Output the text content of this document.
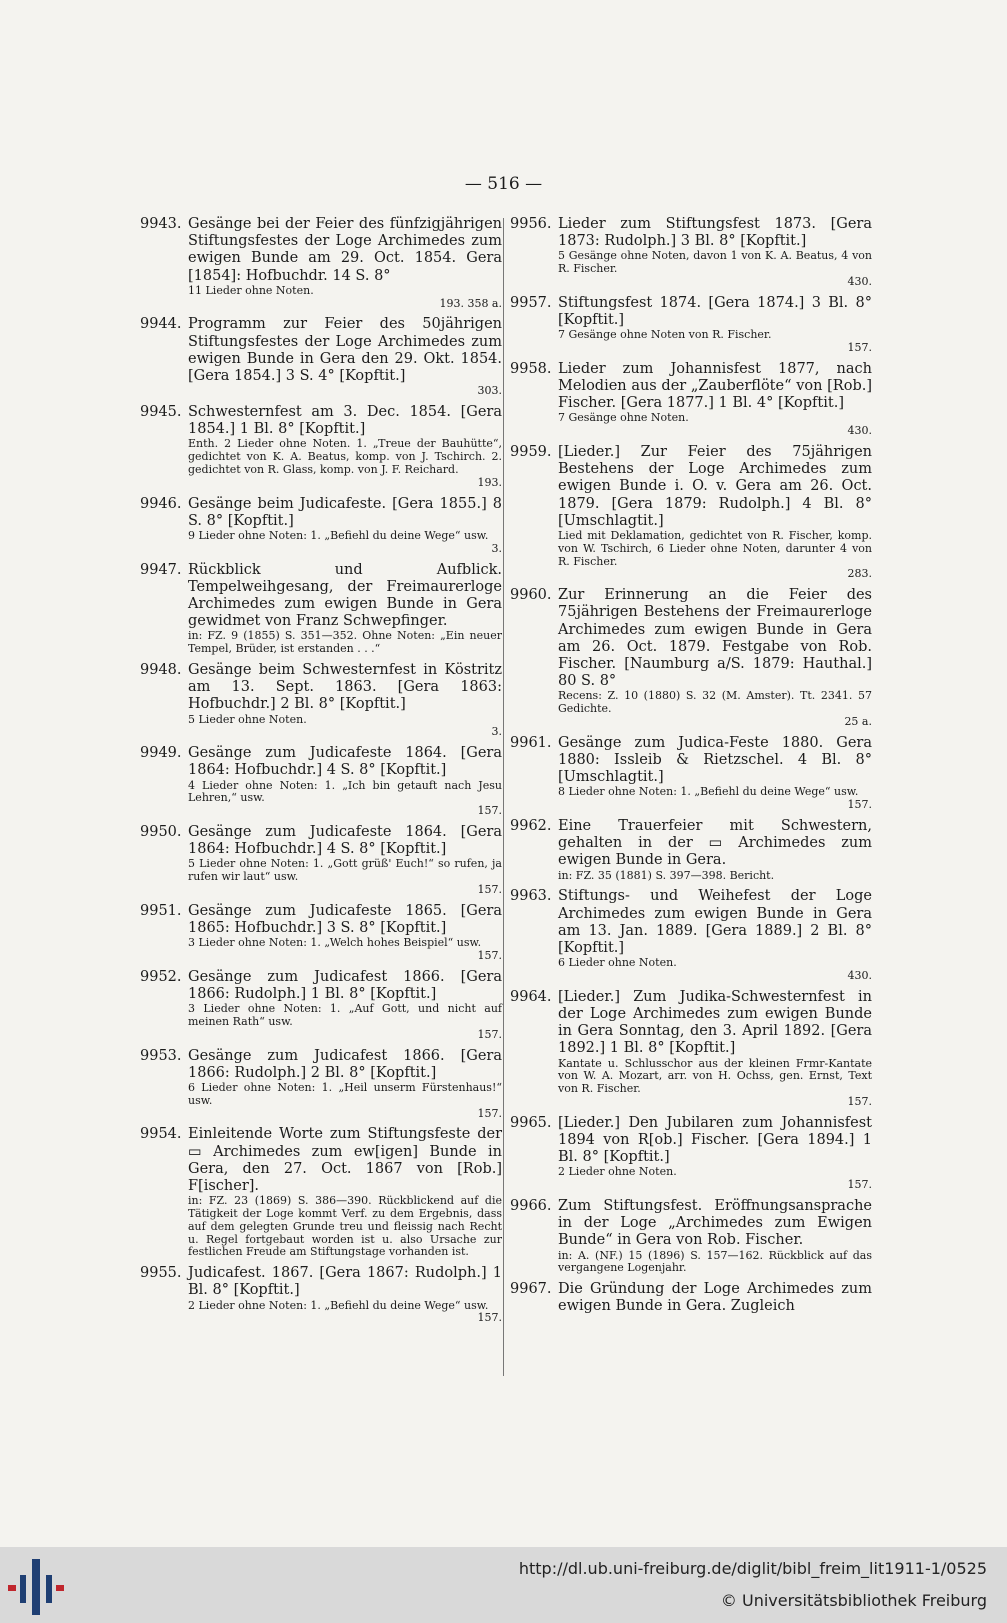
— 516 —
9943. Gesänge bei der Feier des fünfzigjährigen Stiftungsfestes der Loge Archimedes zum ewigen Bunde am 29. Oct. 1854. Gera [1854]: Hofbuchdr. 14 S. 8°
11 Lieder ohne Noten.
193. 358 a.
9944. Programm zur Feier des 50jährigen Stiftungsfestes der Loge Archimedes zum ewigen Bunde in Gera den 29. Okt. 1854. [Gera 1854.] 3 S. 4° [Kopftit.]
303.
9945. Schwesternfest am 3. Dec. 1854. [Gera 1854.] 1 Bl. 8° [Kopftit.]
Enth. 2 Lieder ohne Noten. 1. „Treue der Bauhütte“, gedichtet von K. A. Beatus, komp. von J. Tschirch. 2. gedichtet von R. Glass, komp. von J. F. Reichard.
193.
9946. Gesänge beim Judicafeste. [Gera 1855.] 8 S. 8° [Kopftit.]
9 Lieder ohne Noten: 1. „Befiehl du deine Wege“ usw.
3.
9947. Rückblick und Aufblick. Tempelweihgesang, der Freimaurerloge Archimedes zum ewigen Bunde in Gera gewidmet von Franz Schwepfinger.
in: FZ. 9 (1855) S. 351—352. Ohne Noten: „Ein neuer Tempel, Brüder, ist erstanden . . .“
9948. Gesänge beim Schwesternfest in Köstritz am 13. Sept. 1863. [Gera 1863: Hofbuchdr.] 2 Bl. 8° [Kopftit.]
5 Lieder ohne Noten.
3.
9949. Gesänge zum Judicafeste 1864. [Gera 1864: Hofbuchdr.] 4 S. 8° [Kopftit.]
4 Lieder ohne Noten: 1. „Ich bin getauft nach Jesu Lehren,“ usw.
157.
9950. Gesänge zum Judicafeste 1864. [Gera 1864: Hofbuchdr.] 4 S. 8° [Kopftit.]
5 Lieder ohne Noten: 1. „Gott grüß' Euch!“ so rufen, ja rufen wir laut“ usw.
157.
9951. Gesänge zum Judicafeste 1865. [Gera 1865: Hofbuchdr.] 3 S. 8° [Kopftit.]
3 Lieder ohne Noten: 1. „Welch hohes Beispiel“ usw.
157.
9952. Gesänge zum Judicafest 1866. [Gera 1866: Rudolph.] 1 Bl. 8° [Kopftit.]
3 Lieder ohne Noten: 1. „Auf Gott, und nicht auf meinen Rath“ usw.
157.
9953. Gesänge zum Judicafest 1866. [Gera 1866: Rudolph.] 2 Bl. 8° [Kopftit.]
6 Lieder ohne Noten: 1. „Heil unserm Fürstenhaus!“ usw.
157.
9954. Einleitende Worte zum Stiftungsfeste der ▭ Archimedes zum ew[igen] Bunde in Gera, den 27. Oct. 1867 von [Rob.] F[ischer].
in: FZ. 23 (1869) S. 386—390. Rückblickend auf die Tätigkeit der Loge kommt Verf. zu dem Ergebnis, dass auf dem gelegten Grunde treu und fleissig nach Recht u. Regel fortgebaut worden ist u. also Ursache zur festlichen Freude am Stiftungstage vorhanden ist.
9955. Judicafest. 1867. [Gera 1867: Rudolph.] 1 Bl. 8° [Kopftit.]
2 Lieder ohne Noten: 1. „Befiehl du deine Wege“ usw.
157.
9956. Lieder zum Stiftungsfest 1873. [Gera 1873: Rudolph.] 3 Bl. 8° [Kopftit.]
5 Gesänge ohne Noten, davon 1 von K. A. Beatus, 4 von R. Fischer.
430.
9957. Stiftungsfest 1874. [Gera 1874.] 3 Bl. 8° [Kopftit.]
7 Gesänge ohne Noten von R. Fischer.
157.
9958. Lieder zum Johannisfest 1877, nach Melodien aus der „Zauberflöte“ von [Rob.] Fischer. [Gera 1877.] 1 Bl. 4° [Kopftit.]
7 Gesänge ohne Noten.
430.
9959. [Lieder.] Zur Feier des 75jährigen Bestehens der Loge Archimedes zum ewigen Bunde i. O. v. Gera am 26. Oct. 1879. [Gera 1879: Rudolph.] 4 Bl. 8° [Umschlagtit.]
Lied mit Deklamation, gedichtet von R. Fischer, komp. von W. Tschirch, 6 Lieder ohne Noten, darunter 4 von R. Fischer.
283.
9960. Zur Erinnerung an die Feier des 75jährigen Bestehens der Freimaurerloge Archimedes zum ewigen Bunde in Gera am 26. Oct. 1879. Festgabe von Rob. Fischer. [Naumburg a/S. 1879: Hauthal.] 80 S. 8°
Recens: Z. 10 (1880) S. 32 (M. Amster). Tt. 2341. 57 Gedichte.
25 a.
9961. Gesänge zum Judica-Feste 1880. Gera 1880: Issleib & Rietzschel. 4 Bl. 8° [Umschlagtit.]
8 Lieder ohne Noten: 1. „Befiehl du deine Wege“ usw.
157.
9962. Eine Trauerfeier mit Schwestern, gehalten in der ▭ Archimedes zum ewigen Bunde in Gera.
in: FZ. 35 (1881) S. 397—398. Bericht.
9963. Stiftungs- und Weihefest der Loge Archimedes zum ewigen Bunde in Gera am 13. Jan. 1889. [Gera 1889.] 2 Bl. 8° [Kopftit.]
6 Lieder ohne Noten.
430.
9964. [Lieder.] Zum Judika-Schwesternfest in der Loge Archimedes zum ewigen Bunde in Gera Sonntag, den 3. April 1892. [Gera 1892.] 1 Bl. 8° [Kopftit.]
Kantate u. Schlusschor aus der kleinen Frmr-Kantate von W. A. Mozart, arr. von H. Ochss, gen. Ernst, Text von R. Fischer.
157.
9965. [Lieder.] Den Jubilaren zum Johannisfest 1894 von R[ob.] Fischer. [Gera 1894.] 1 Bl. 8° [Kopftit.]
2 Lieder ohne Noten.
157.
9966. Zum Stiftungsfest. Eröffnungsansprache in der Loge „Archimedes zum Ewigen Bunde“ in Gera von Rob. Fischer.
in: A. (NF.) 15 (1896) S. 157—162. Rückblick auf das vergangene Logenjahr.
9967. Die Gründung der Loge Archimedes zum ewigen Bunde in Gera. Zugleich
http://dl.ub.uni-freiburg.de/diglit/bibl_freim_lit1911-1/0525
© Universitätsbibliothek Freiburg
